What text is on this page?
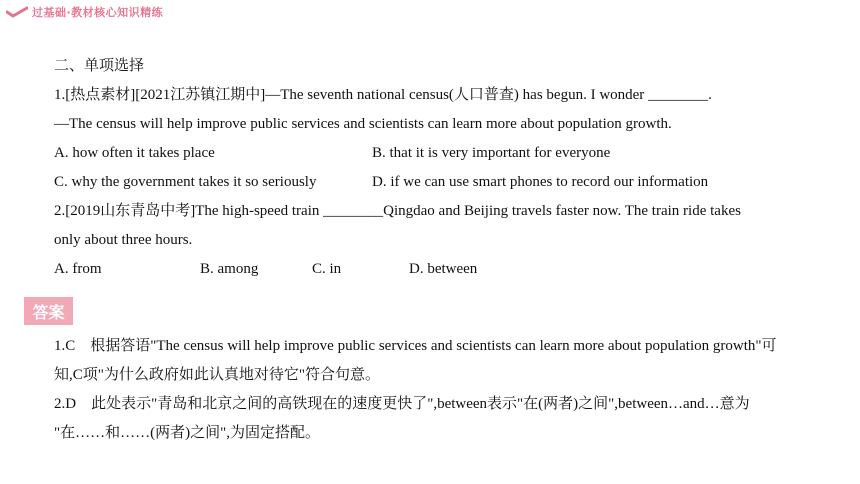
过基础·教材核心知识精练
二、单项选择
1.[热点素材][2021江苏镇江期中]—The seventh national census(人口普查) has begun. I wonder ________.
—The census will help improve public services and scientists can learn more about population growth.
A. how often it takes place	B. that it is very important for everyone
C. why the government takes it so seriously	D. if we can use smart phones to record our information
2.[2019山东青岛中考]The high-speed train ________Qingdao and Beijing travels faster now. The train ride takes
only about three hours.
A. from	B. among	C. in	D. between
答案
1.C　根据答语"The census will help improve public services and scientists can learn more about population growth"可
知,C项"为什么政府如此认真地对待它"符合句意。
2.D　此处表示"青岛和北京之间的高铁现在的速度更快了",between表示"在(两者)之间",between…and…意为
"在……和……(两者)之间",为固定搭配。
